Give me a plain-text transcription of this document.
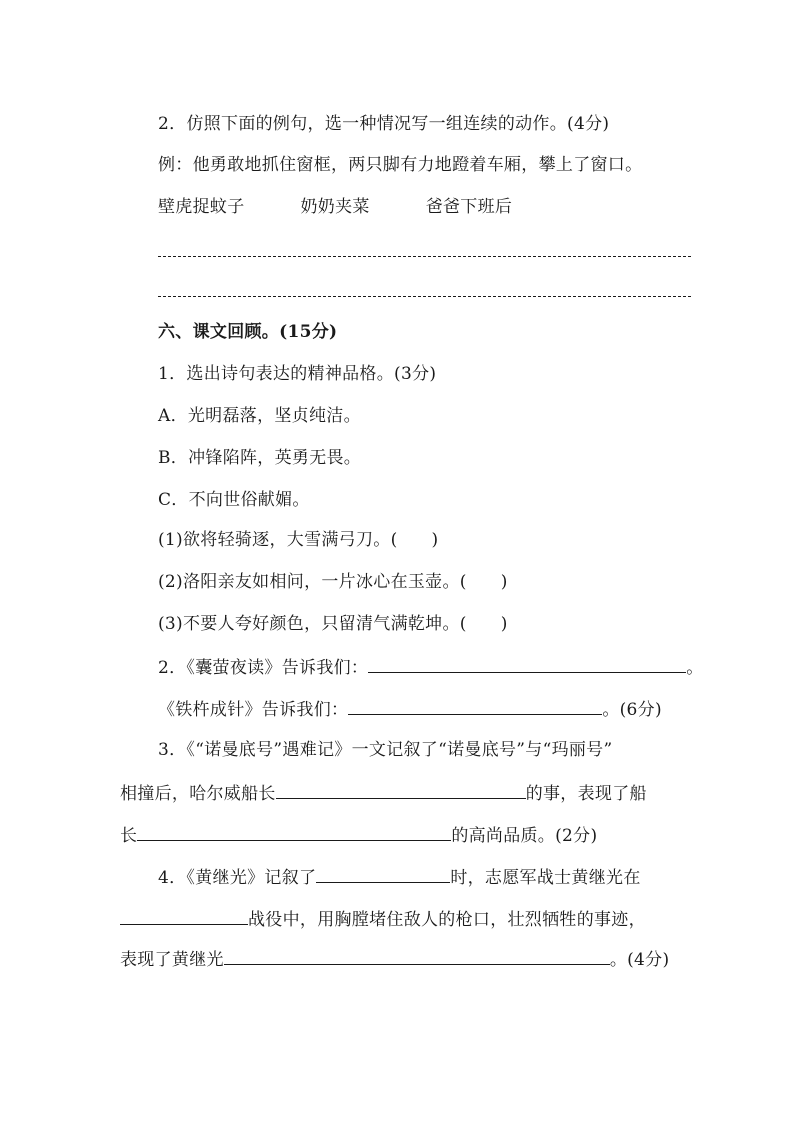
2．仿照下面的例句，选一种情况写一组连续的动作。(4分)
例：他勇敢地抓住窗框，两只脚有力地蹬着车厢，攀上了窗口。
壁虎捉蚊子	奶奶夹菜	爸爸下班后
六、课文回顾。(15分)
1．选出诗句表达的精神品格。(3分)
A．光明磊落，坚贞纯洁。
B．冲锋陷阵，英勇无畏。
C．不向世俗献媚。
(1)欲将轻骑逐，大雪满弓刀。( )
(2)洛阳亲友如相问，一片冰心在玉壶。( )
(3)不要人夸好颜色，只留清气满乾坤。( )
2．《囊萤夜读》告诉我们：	。
《铁杵成针》告诉我们：	。(6分)
3．《“诺曼底号”遇难记》一文记叙了“诺曼底号”与“玛丽号”
相撞后，哈尔威船长	的事，表现了船
长	的高尚品质。(2分)
4．《黄继光》记叙了	时，志愿军战士黄继光在
战役中，用胸膛堵住敌人的枪口，壮烈牺牲的事迹，
表现了黄继光	。(4分)
